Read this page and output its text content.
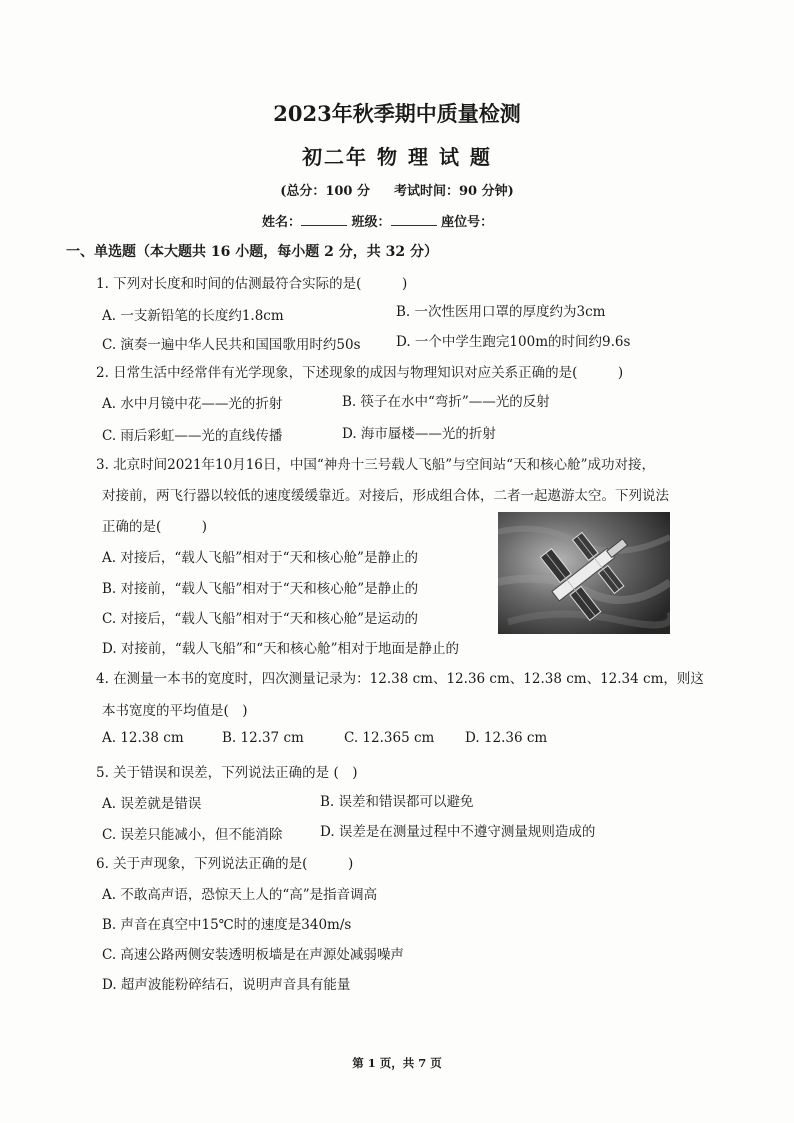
2023年秋季期中质量检测
初二年 物 理 试 题
(总分：100 分 考试时间：90 分钟)
姓名：	班级：	座位号：
一、单选题（本大题共 16 小题，每小题 2 分，共 32 分）
1. 下列对长度和时间的估测最符合实际的是(　　　)
A. 一支新铅笔的长度约1.8cm	B. 一次性医用口罩的厚度约为3cm
C. 演奏一遍中华人民共和国国歌用时约50s	D. 一个中学生跑完100m的时间约9.6s
2. 日常生活中经常伴有光学现象，下述现象的成因与物理知识对应关系正确的是(　　　)
A. 水中月镜中花——光的折射	B. 筷子在水中“弯折”——光的反射
C. 雨后彩虹——光的直线传播	D. 海市蜃楼——光的折射
3. 北京时间2021年10月16日，中国“神舟十三号载人飞船”与空间站“天和核心舱”成功对接，
对接前，两飞行器以较低的速度缓缓靠近。对接后，形成组合体，二者一起遨游太空。下列说法
正确的是(　　　)
A. 对接后，“载人飞船”相对于“天和核心舱”是静止的
B. 对接前，“载人飞船”相对于“天和核心舱”是静止的
C. 对接后，“载人飞船”相对于“天和核心舱”是运动的
D. 对接前，“载人飞船”和“天和核心舱”相对于地面是静止的
4. 在测量一本书的宽度时，四次测量记录为：12.38 cm、12.36 cm、12.38 cm、12.34 cm，则这
本书宽度的平均值是(　)
A. 12.38 cm	B. 12.37 cm	C. 12.365 cm D. 12.36 cm
5. 关于错误和误差，下列说法正确的是 (　)
A. 误差就是错误	B. 误差和错误都可以避免
C. 误差只能减小，但不能消除	D. 误差是在测量过程中不遵守测量规则造成的
6. 关于声现象，下列说法正确的是(　　　)
A. 不敢高声语，恐惊天上人的“高”是指音调高
B. 声音在真空中15℃时的速度是340m/s
C. 高速公路两侧安装透明板墙是在声源处减弱噪声
D. 超声波能粉碎结石，说明声音具有能量
第 1 页，共 7 页
